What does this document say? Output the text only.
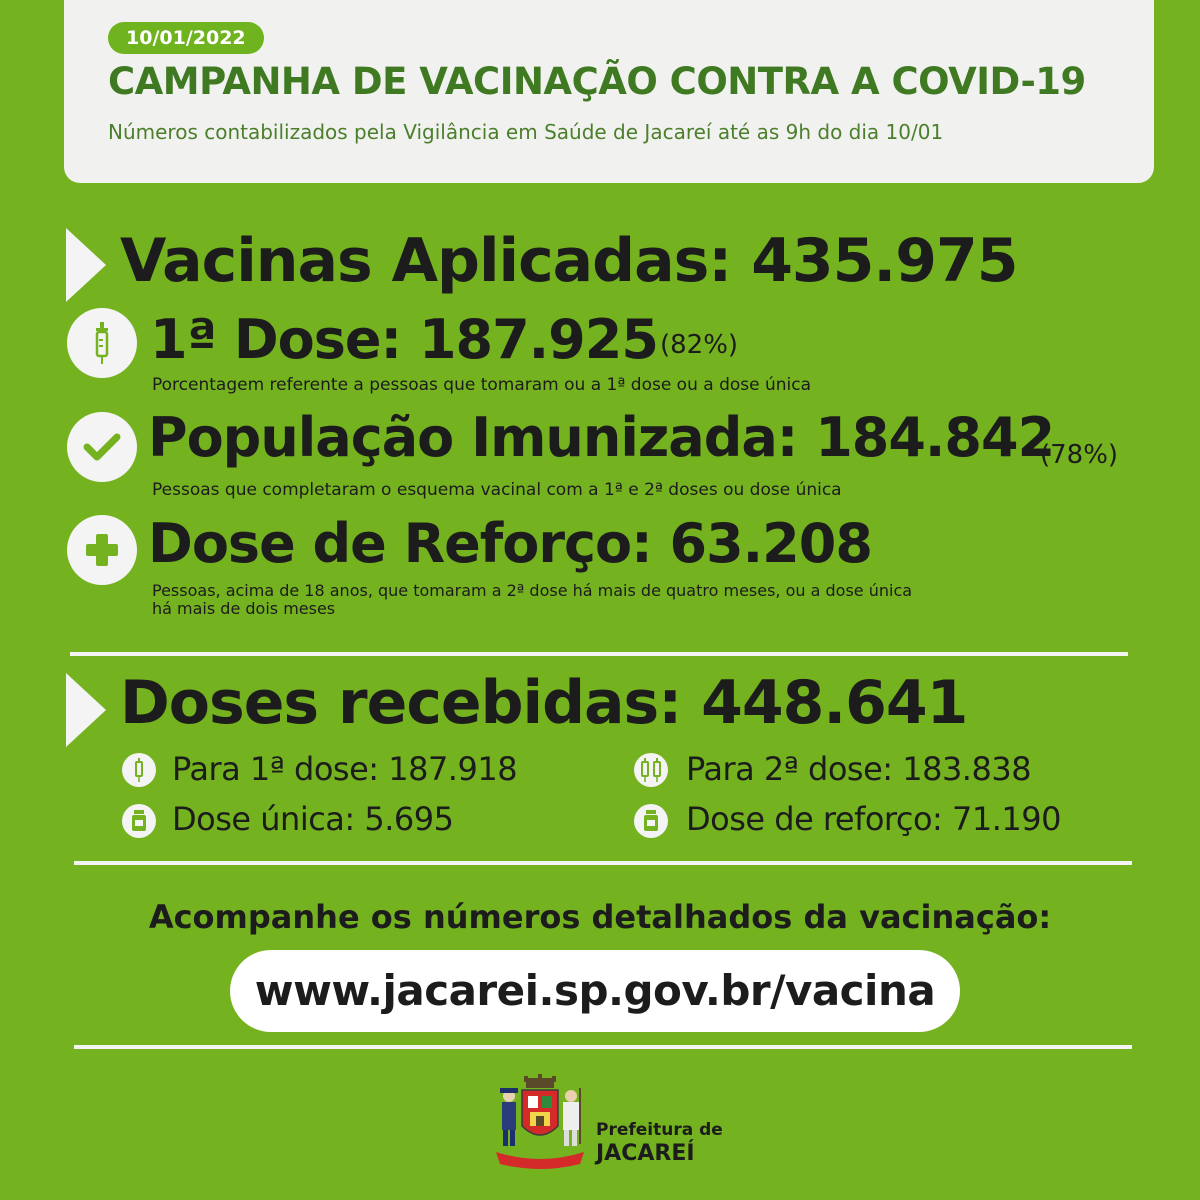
10/01/2022
CAMPANHA DE VACINAÇÃO CONTRA A COVID-19
Números contabilizados pela Vigilância em Saúde de Jacareí até as 9h do dia 10/01
Vacinas Aplicadas: 435.975
1ª Dose: 187.925 (82%)
Porcentagem referente a pessoas que tomaram ou a 1ª dose ou a dose única
População Imunizada: 184.842
(78%)
Pessoas que completaram o esquema vacinal com a 1ª e 2ª doses ou dose única
Dose de Reforço: 63.208
Pessoas, acima de 18 anos, que tomaram a 2ª dose há mais de quatro meses, ou a dose única
há mais de dois meses
Doses recebidas: 448.641
Para 1ª dose: 187.918	Para 2ª dose: 183.838
Dose única: 5.695	Dose de reforço: 71.190
Acompanhe os números detalhados da vacinação:
www.jacarei.sp.gov.br/vacina
Prefeitura de
JACAREÍ
